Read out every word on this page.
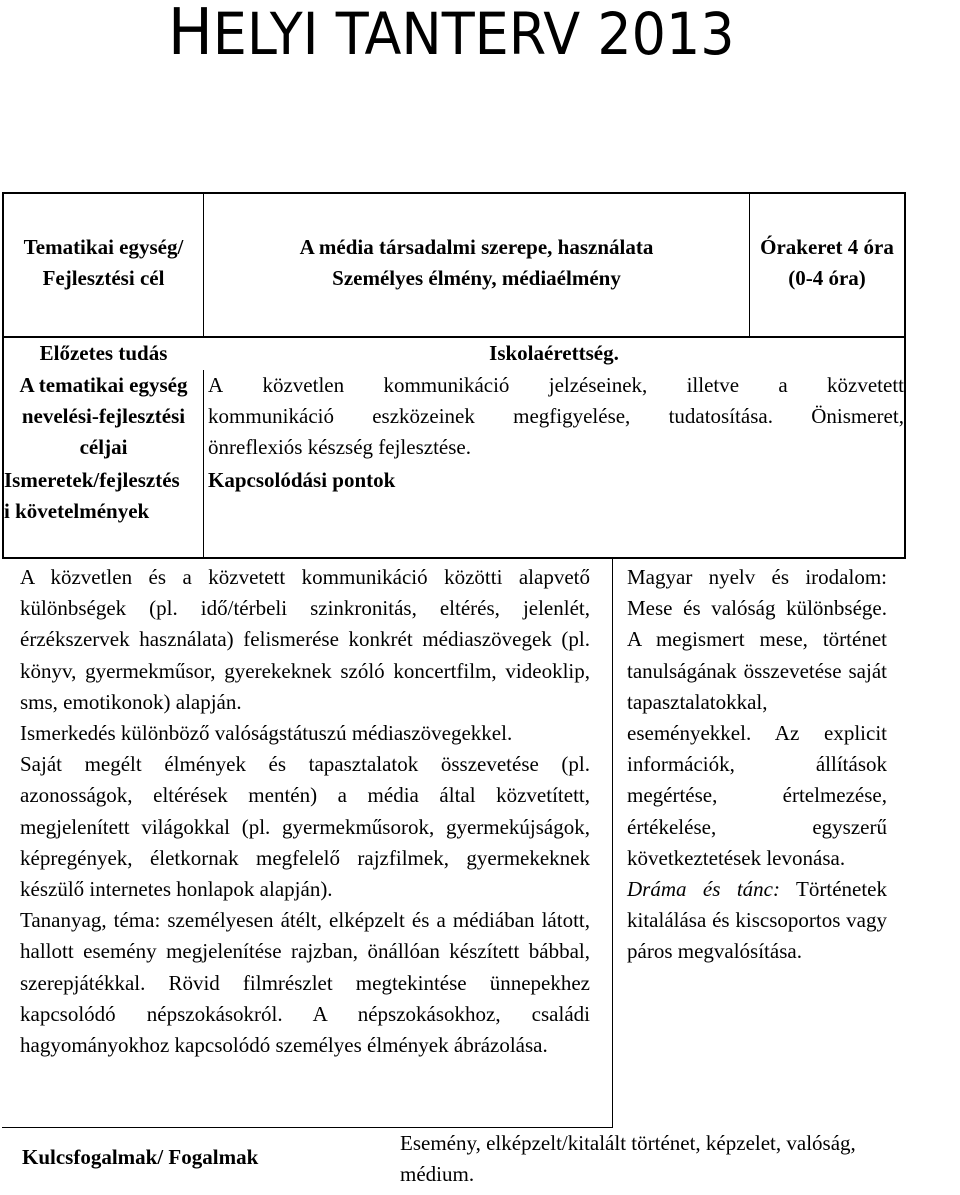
HELYI TANTERV 2013
Tematikai egység/
Fejlesztési cél
A média társadalmi szerepe, használata
Személyes élmény, médiaélmény
Órakeret 4 óra
(0-4 óra)
Előzetes tudás	Iskolaérettség.
A tematikai egység
nevelési-fejlesztési
céljai
A közvetlen kommunikáció jelzéseinek, illetve a közvetett
kommunikáció eszközeinek megfigyelése, tudatosítása. Önismeret,
önreflexiós készség fejlesztése.
Ismeretek/fejlesztés
i követelmények
Kapcsolódási pontok

A közvetlen és a közvetett kommunikáció közötti alapvető különbségek (pl. idő/térbeli szinkronitás, eltérés, jelenlét, érzékszervek használata) felismerése konkrét médiaszövegek (pl. könyv, gyermekműsor, gyerekeknek szóló koncertfilm, videoklip, sms, emotikonok) alapján.

Ismerkedés különböző valóságstátuszú médiaszövegekkel.

Saját megélt élmények és tapasztalatok összevetése (pl. azonosságok, eltérések mentén) a média által közvetített, megjelenített világokkal (pl. gyermekműsorok, gyermekújságok, képregények, életkornak megfelelő rajzfilmek, gyermekeknek készülő internetes honlapok alapján).

Tananyag, téma: személyesen átélt, elképzelt és a médiában látott, hallott esemény megjelenítése rajzban, önállóan készített bábbal, szerepjátékkal. Rövid filmrészlet megtekintése ünnepekhez kapcsolódó népszokásokról. A népszokásokhoz, családi hagyományokhoz kapcsolódó személyes élmények ábrázolása.

Magyar nyelv és irodalom: Mese és valóság különbsége. A megismert mese, történet tanulságának összevetése saját tapasztalatokkal, eseményekkel. Az explicit információk, állítások megértése, értelmezése, értékelése, egyszerű következtetések levonása.

Dráma és tánc: Történetek kitalálása és kiscsoportos vagy páros megvalósítása.

Kulcsfogalmak/ Fogalmak
Esemény, elképzelt/kitalált történet, képzelet, valóság, médium.
